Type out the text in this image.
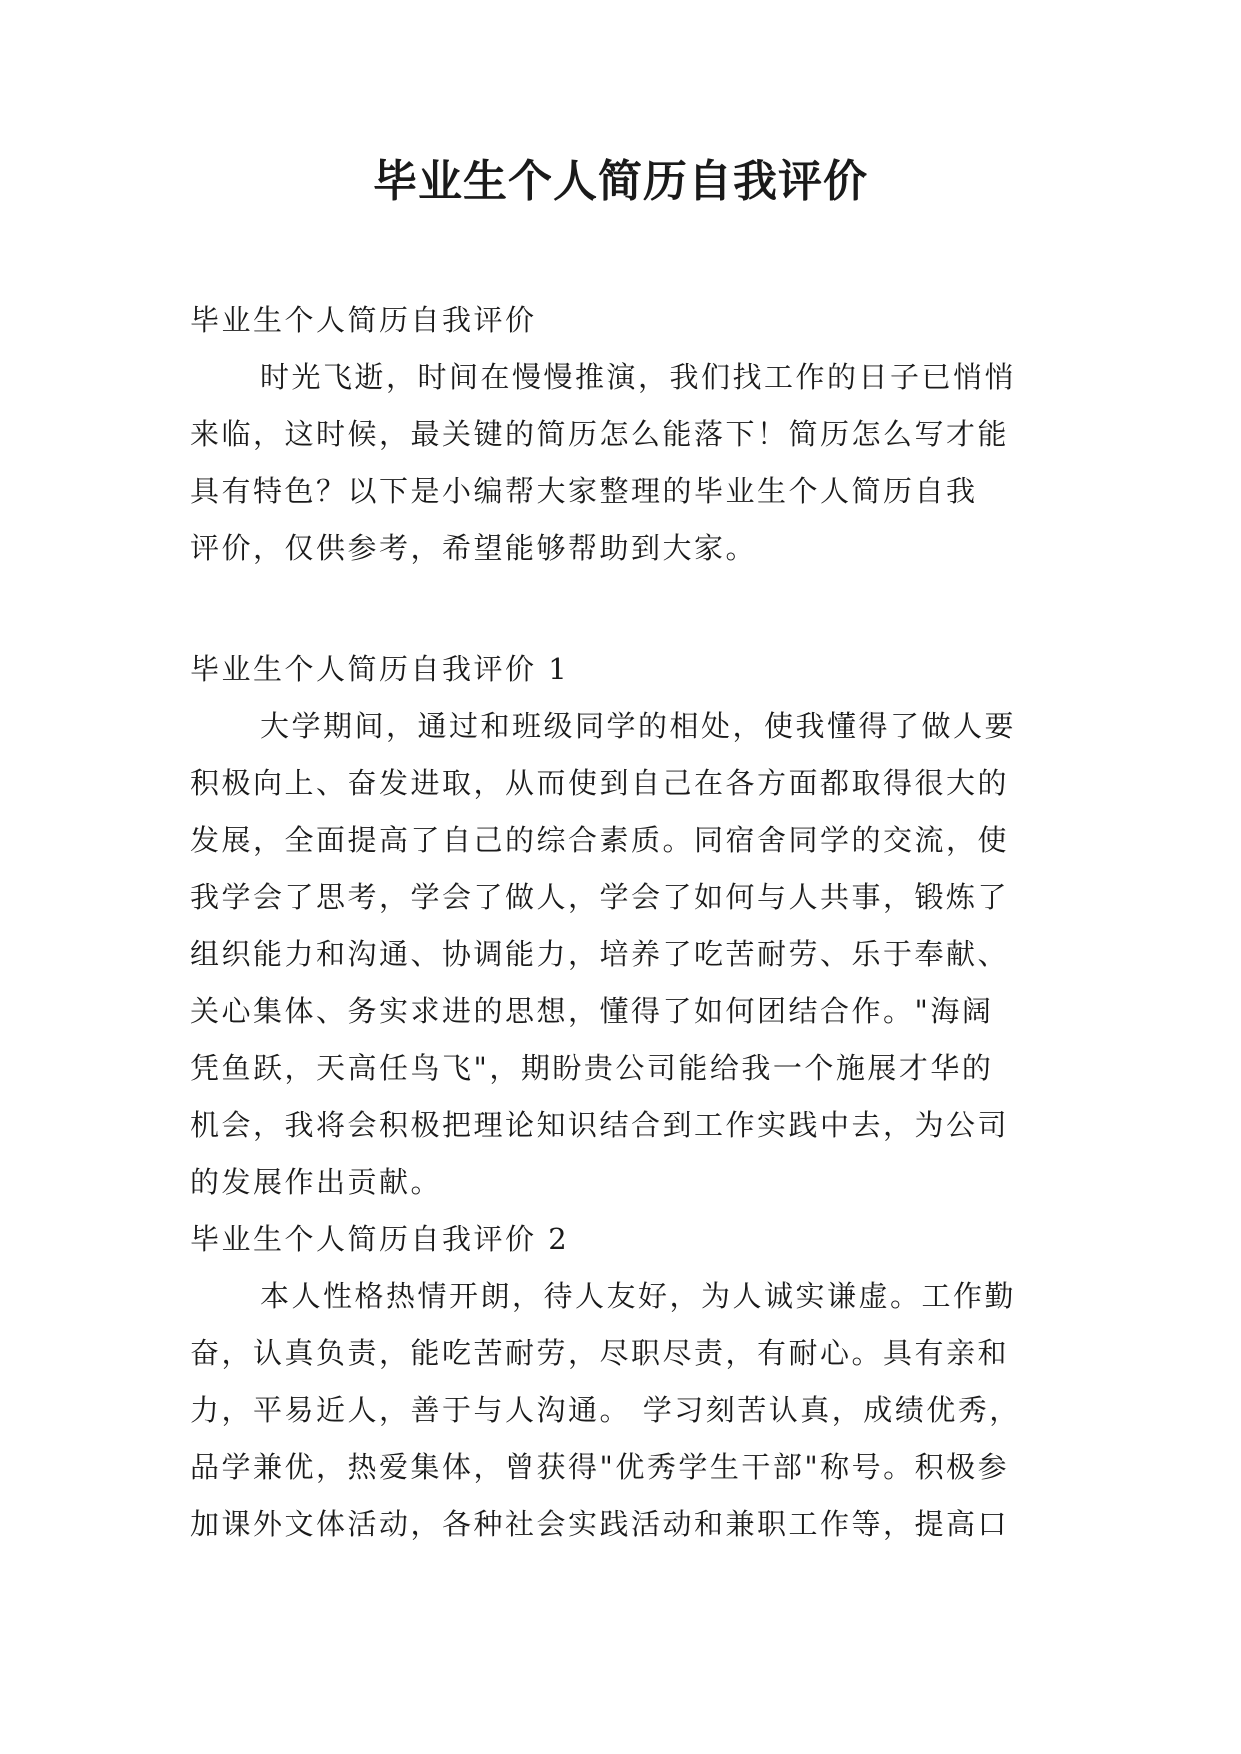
毕业生个人简历自我评价
毕业生个人简历自我评价
时光飞逝，时间在慢慢推演，我们找工作的日子已悄悄
来临，这时候，最关键的简历怎么能落下！简历怎么写才能
具有特色？以下是小编帮大家整理的毕业生个人简历自我
评价，仅供参考，希望能够帮助到大家。
毕业生个人简历自我评价 1
大学期间，通过和班级同学的相处，使我懂得了做人要
积极向上、奋发进取，从而使到自己在各方面都取得很大的
发展，全面提高了自己的综合素质。同宿舍同学的交流，使
我学会了思考，学会了做人，学会了如何与人共事，锻炼了
组织能力和沟通、协调能力，培养了吃苦耐劳、乐于奉献、
关心集体、务实求进的思想，懂得了如何团结合作。"海阔
凭鱼跃，天高任鸟飞"，期盼贵公司能给我一个施展才华的
机会，我将会积极把理论知识结合到工作实践中去，为公司
的发展作出贡献。
毕业生个人简历自我评价 2
本人性格热情开朗，待人友好，为人诚实谦虚。工作勤
奋，认真负责，能吃苦耐劳，尽职尽责，有耐心。具有亲和
力，平易近人，善于与人沟通。 学习刻苦认真，成绩优秀，
品学兼优，热爱集体，曾获得"优秀学生干部"称号。积极参
加课外文体活动，各种社会实践活动和兼职工作等，提高口
